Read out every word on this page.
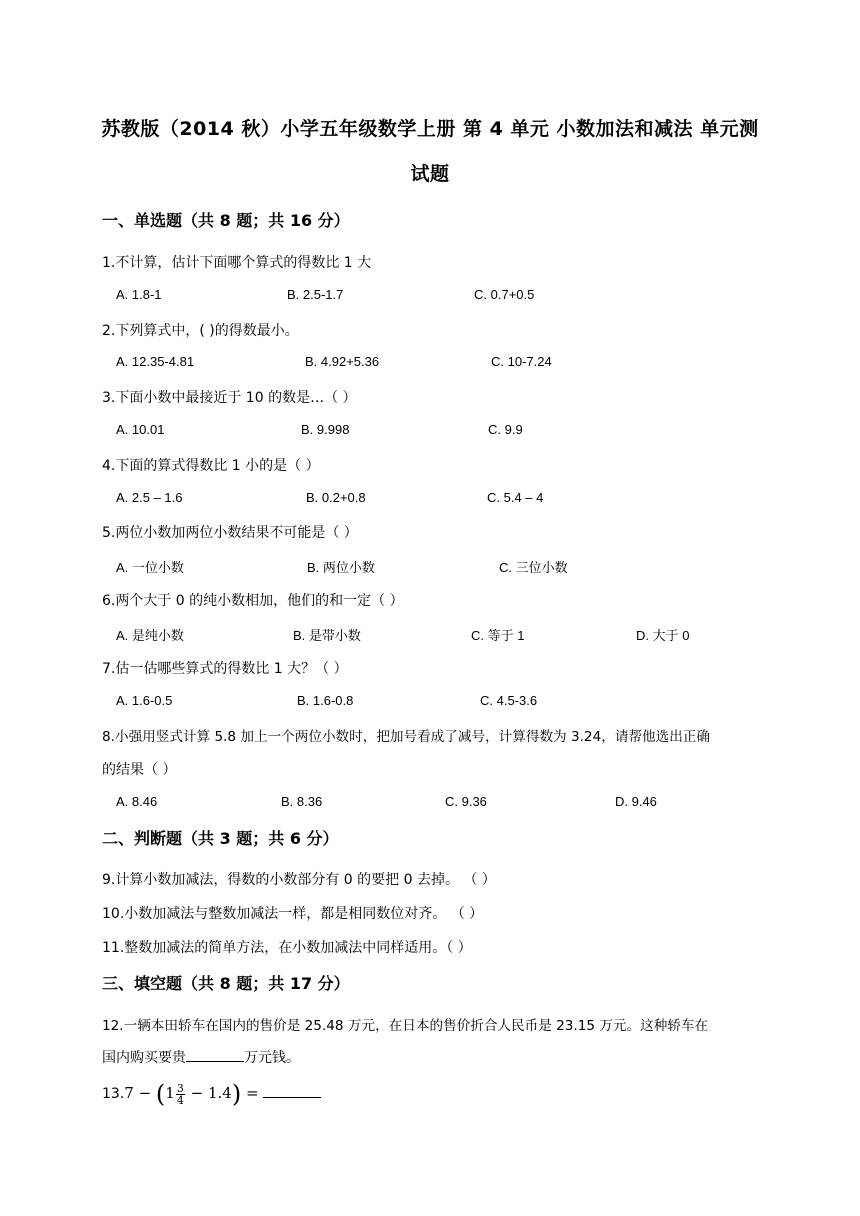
苏教版（2014 秋）小学五年级数学上册 第 4 单元 小数加法和减法 单元测
试题
一、单选题（共 8 题；共 16 分）
1.不计算，估计下面哪个算式的得数比 1 大
A. 1.8-1	B. 2.5-1.7	C. 0.7+0.5
2.下列算式中，( )的得数最小。
A. 12.35-4.81	B. 4.92+5.36	C. 10-7.24
3.下面小数中最接近于 10 的数是…（ ）
A. 10.01	B. 9.998	C. 9.9
4.下面的算式得数比 1 小的是（ ）
A. 2.5 – 1.6	B. 0.2+0.8	C. 5.4 – 4
5.两位小数加两位小数结果不可能是（ ）
A. 一位小数	B. 两位小数	C. 三位小数
6.两个大于 0 的纯小数相加，他们的和一定（ ）
A. 是纯小数	B. 是带小数	C. 等于 1	D. 大于 0
7.估一估哪些算式的得数比 1 大？（ ）
A. 1.6-0.5	B. 1.6-0.8	C. 4.5-3.6
8.小强用竖式计算 5.8 加上一个两位小数时，把加号看成了减号，计算得数为 3.24，请帮他选出正确
的结果（ ）
A. 8.46	B. 8.36	C. 9.36	D. 9.46
二、判断题（共 3 题；共 6 分）
9.计算小数加减法，得数的小数部分有 0 的要把 0 去掉。 （ ）
10.小数加减法与整数加减法一样，都是相同数位对齐。 （ ）
11.整数加减法的简单方法，在小数加减法中同样适用。（ ）
三、填空题（共 8 题；共 17 分）
12.一辆本田轿车在国内的售价是 25.48 万元，在日本的售价折合人民币是 23.15 万元。这种轿车在
国内购买要贵	万元钱。
$13.7 - (1 \frac{3}{4} - 1.4)$ =
